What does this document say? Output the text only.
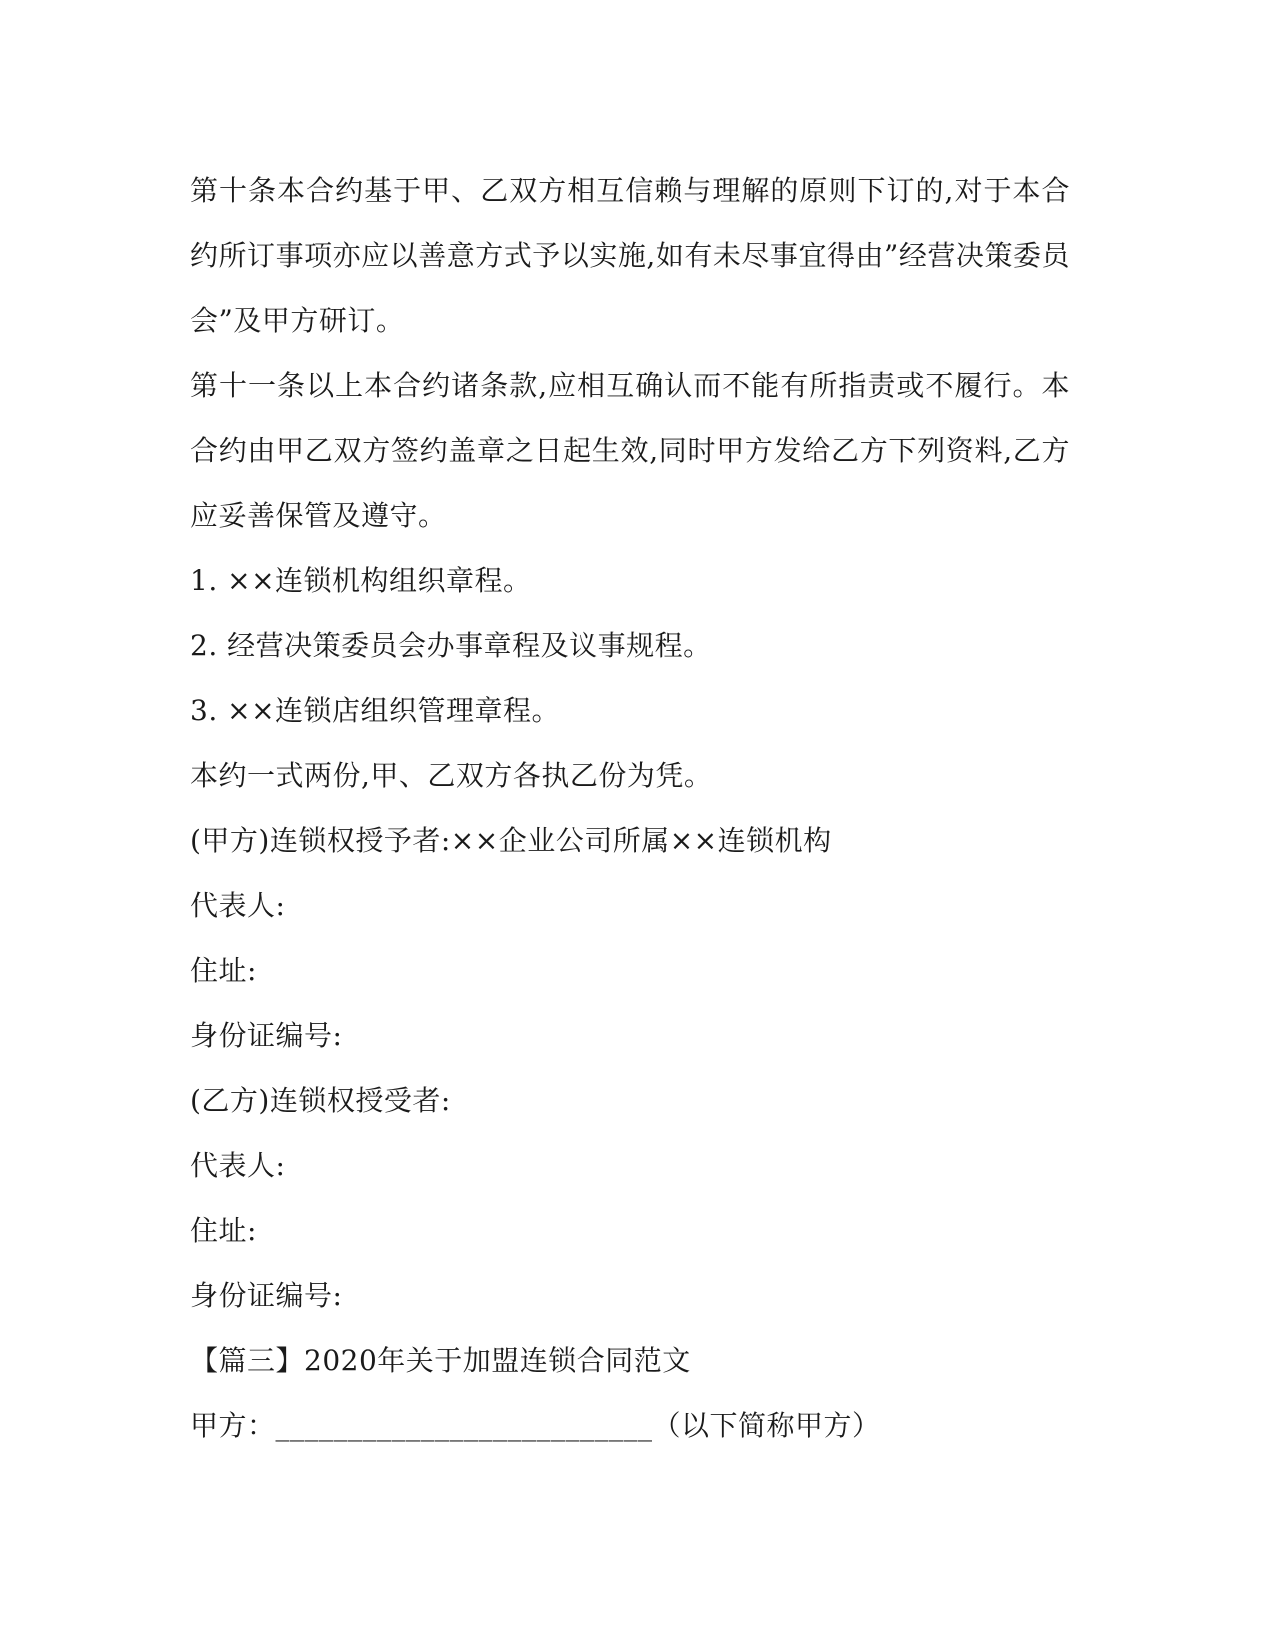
第十条本合约基于甲、乙双方相互信赖与理解的原则下订的,对于本合约所订事项亦应以善意方式予以实施,如有未尽事宜得由”经营决策委员会”及甲方研订。

第十一条以上本合约诸条款,应相互确认而不能有所指责或不履行。本合约由甲乙双方签约盖章之日起生效,同时甲方发给乙方下列资料,乙方应妥善保管及遵守。

1. ××连锁机构组织章程。

2. 经营决策委员会办事章程及议事规程。

3. ××连锁店组织管理章程。

本约一式两份,甲、乙双方各执乙份为凭。

(甲方)连锁权授予者:××企业公司所属××连锁机构

代表人:

住址:

身份证编号:

(乙方)连锁权授受者:

代表人:

住址:

身份证编号:

【篇三】2020年关于加盟连锁合同范文

甲方：__________________________（以下简称甲方）
